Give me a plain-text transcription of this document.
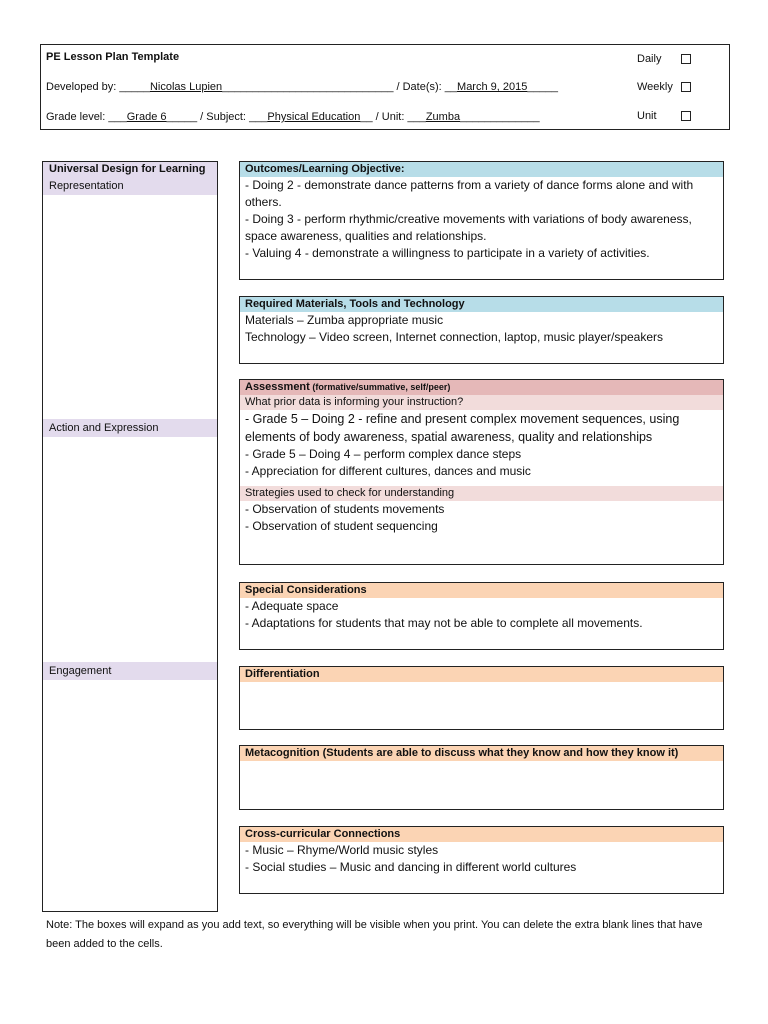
PE Lesson Plan Template
Developed by: _____Nicolas Lupien____________________________ / Date(s): __March 9, 2015_____
Grade level: ___Grade 6_____ / Subject: ___Physical Education__ / Unit: ___Zumba_____________
Daily
Weekly
Unit
Universal Design for Learning
Representation
Action and Expression
Engagement
Outcomes/Learning Objective:
- Doing 2 - demonstrate dance patterns from a variety of dance forms alone and with others.
- Doing 3 - perform rhythmic/creative movements with variations of body awareness, space awareness, qualities and relationships.
- Valuing 4 - demonstrate a willingness to participate in a variety of activities.
Required Materials, Tools and Technology
Materials – Zumba appropriate music
Technology – Video screen, Internet connection, laptop, music player/speakers
Assessment (formative/summative, self/peer)
What prior data is informing your instruction?
- Grade 5 – Doing 2 - refine and present complex movement sequences, using elements of body awareness, spatial awareness, quality and relationships
- Grade 5 – Doing 4 – perform complex dance steps
- Appreciation for different cultures, dances and music
Strategies used to check for understanding
- Observation of students movements
- Observation of student sequencing
Special Considerations
- Adequate space
- Adaptations for students that may not be able to complete all movements.
Differentiation
Metacognition (Students are able to discuss what they know and how they know it)
Cross-curricular Connections
- Music – Rhyme/World music styles
- Social studies – Music and dancing in different world cultures
Note: The boxes will expand as you add text, so everything will be visible when you print. You can delete the extra blank lines that have been added to the cells.
